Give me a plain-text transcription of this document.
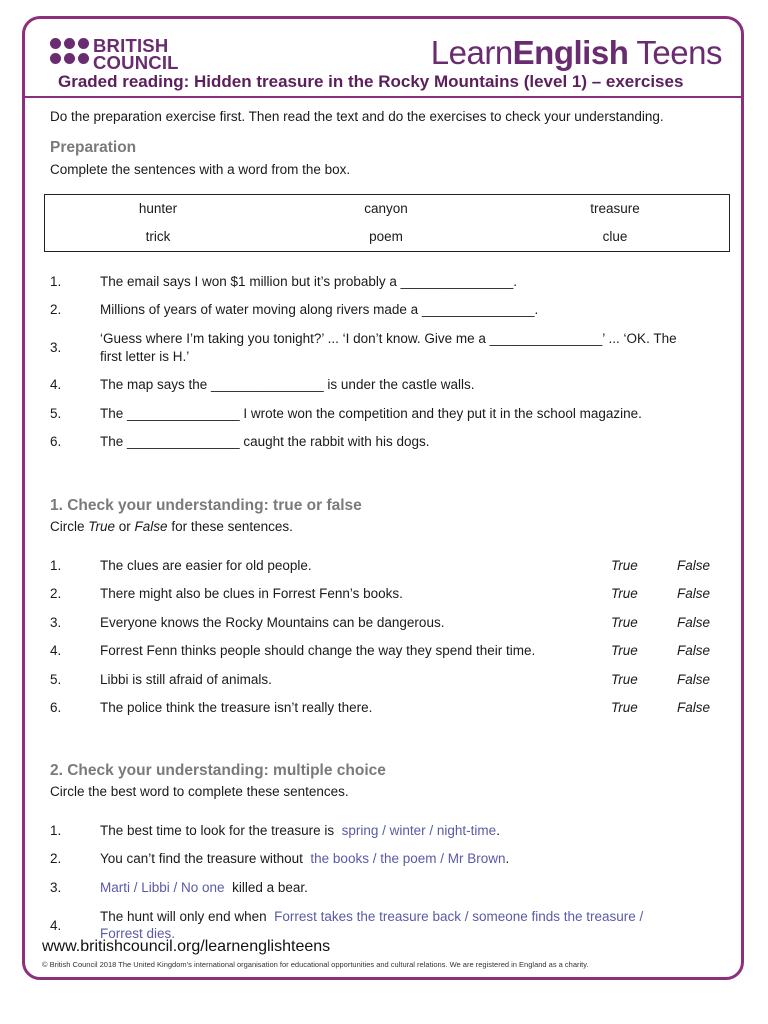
BRITISH
COUNCIL	LearnEnglish Teens
Graded reading: Hidden treasure in the Rocky Mountains (level 1) – exercises
Do the preparation exercise first. Then read the text and do the exercises to check your understanding.
Preparation
Complete the sentences with a word from the box.
hunter	canyon	treasure
trick	poem	clue
1.	The email says I won $1 million but it’s probably a _______________.
2.	Millions of years of water moving along rivers made a _______________.
3.
‘Guess where I’m taking you tonight?’ ... ‘I don’t know. Give me a _______________’ ... ‘OK. The
first letter is H.’
4.	The map says the _______________ is under the castle walls.
5.	The _______________ I wrote won the competition and they put it in the school magazine.
6.	The _______________ caught the rabbit with his dogs.
1. Check your understanding: true or false
Circle True or False for these sentences.
1.	The clues are easier for old people.	True	False
2.	There might also be clues in Forrest Fenn’s books.	True	False
3.	Everyone knows the Rocky Mountains can be dangerous.	True	False
4.	Forrest Fenn thinks people should change the way they spend their time.	True	False
5.	Libbi is still afraid of animals.	True	False
6.	The police think the treasure isn’t really there.	True	False
2. Check your understanding: multiple choice
Circle the best word to complete these sentences.
1.	The best time to look for the treasure is  spring / winter / night-time.
2.	You can’t find the treasure without  the books / the poem / Mr Brown.
3.	Marti / Libbi / No one  killed a bear.
4.
The hunt will only end when  Forrest takes the treasure back / someone finds the treasure /
Forrest dies.
www.britishcouncil.org/learnenglishteens
© British Council 2018 The United Kingdom’s international organisation for educational opportunities and cultural relations. We are registered in England as a charity.
